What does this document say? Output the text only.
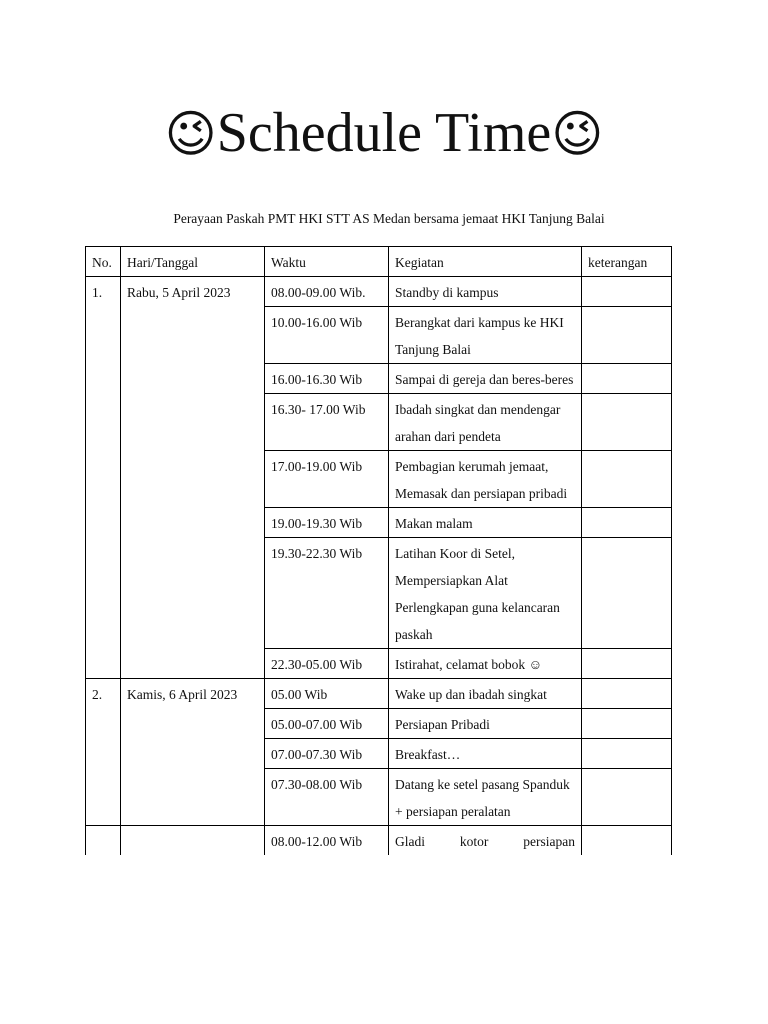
😉Schedule Time😉
Perayaan Paskah PMT HKI STT AS Medan bersama jemaat HKI Tanjung Balai
No.	Hari/Tanggal	Waktu	Kegiatan	keterangan
1.	Rabu, 5 April 2023	08.00-09.00 Wib.	Standby di kampus	
		10.00-16.00 Wib	Berangkat dari kampus ke HKI Tanjung Balai	
		16.00-16.30 Wib	Sampai di gereja dan beres-beres	
		16.30- 17.00 Wib	Ibadah singkat dan mendengar arahan dari pendeta	
		17.00-19.00 Wib	Pembagian kerumah jemaat, Memasak dan persiapan pribadi	
		19.00-19.30 Wib	Makan malam	
		19.30-22.30 Wib	Latihan Koor di Setel, Mempersiapkan Alat Perlengkapan guna kelancaran paskah	
		22.30-05.00 Wib	Istirahat, celamat bobok ☺	
2.	Kamis, 6 April 2023	05.00 Wib	Wake up dan ibadah singkat	
		05.00-07.00 Wib	Persiapan Pribadi	
		07.00-07.30 Wib	Breakfast…	
		07.30-08.00 Wib	Datang ke setel pasang Spanduk + persiapan peralatan	
		08.00-12.00 Wib	Gladi kotor persiapan	
